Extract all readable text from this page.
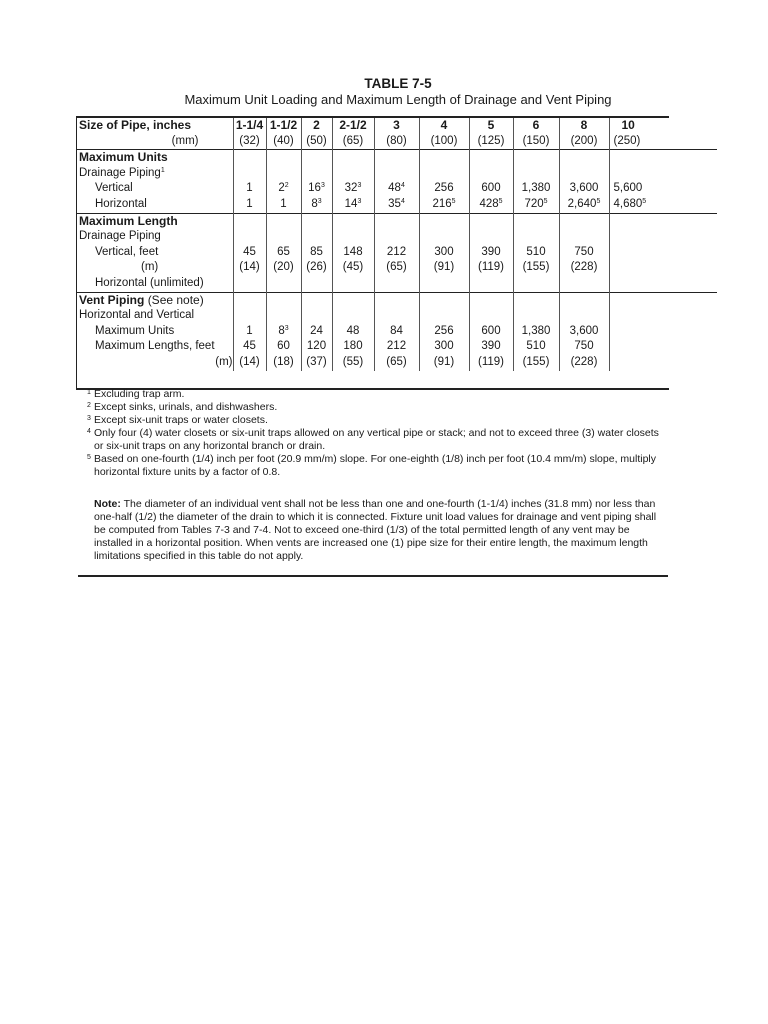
TABLE 7-5
Maximum Unit Loading and Maximum Length of Drainage and Vent Piping
Size of Pipe, inches	1-1/4	1-1/2	2	2-1/2	3	4	5	6	8	10
(mm)	(32)	(40)	(50)	(65)	(80)	(100)	(125)	(150)	(200)	(250)
Maximum Units										
Drainage Piping$^1$										
Vertical	1	$2^2$	$16^3$	$32^3$	$48^4$	256	600	1,380	3,600	5,600
Horizontal	1	1	$8^3$	$14^3$	$35^4$	$216^5$	$428^5$	$720^5$	2,640$^5$	4,680$^5$
Maximum Length										
Drainage Piping										
Vertical, feet	45	65	85	148	212	300	390	510	750	
(m)	(14)	(20)	(26)	(45)	(65)	(91)	(119)	(155)	(228)	
Horizontal (unlimited)										
Vent Piping (See note)										
Horizontal and Vertical										
Maximum Units	1	$8^3$	24	48	84	256	600	1,380	3,600	
Maximum Lengths, feet	45	60	120	180	212	300	390	510	750	
(m)	(14)	(18)	(37)	(55)	(65)	(91)	(119)	(155)	(228)	
1 Excluding trap arm.
2 Except sinks, urinals, and dishwashers.
3 Except six-unit traps or water closets.
4 Only four (4) water closets or six-unit traps allowed on any vertical pipe or stack; and not to exceed three (3) water closets
or six-unit traps on any horizontal branch or drain.
5 Based on one-fourth (1/4) inch per foot (20.9 mm/m) slope. For one-eighth (1/8) inch per foot (10.4 mm/m) slope, multiply
horizontal fixture units by a factor of 0.8.
Note: The diameter of an individual vent shall not be less than one and one-fourth (1-1/4) inches (31.8 mm) nor less than
one-half (1/2) the diameter of the drain to which it is connected. Fixture unit load values for drainage and vent piping shall
be computed from Tables 7-3 and 7-4. Not to exceed one-third (1/3) of the total permitted length of any vent may be
installed in a horizontal position. When vents are increased one (1) pipe size for their entire length, the maximum length
limitations specified in this table do not apply.
